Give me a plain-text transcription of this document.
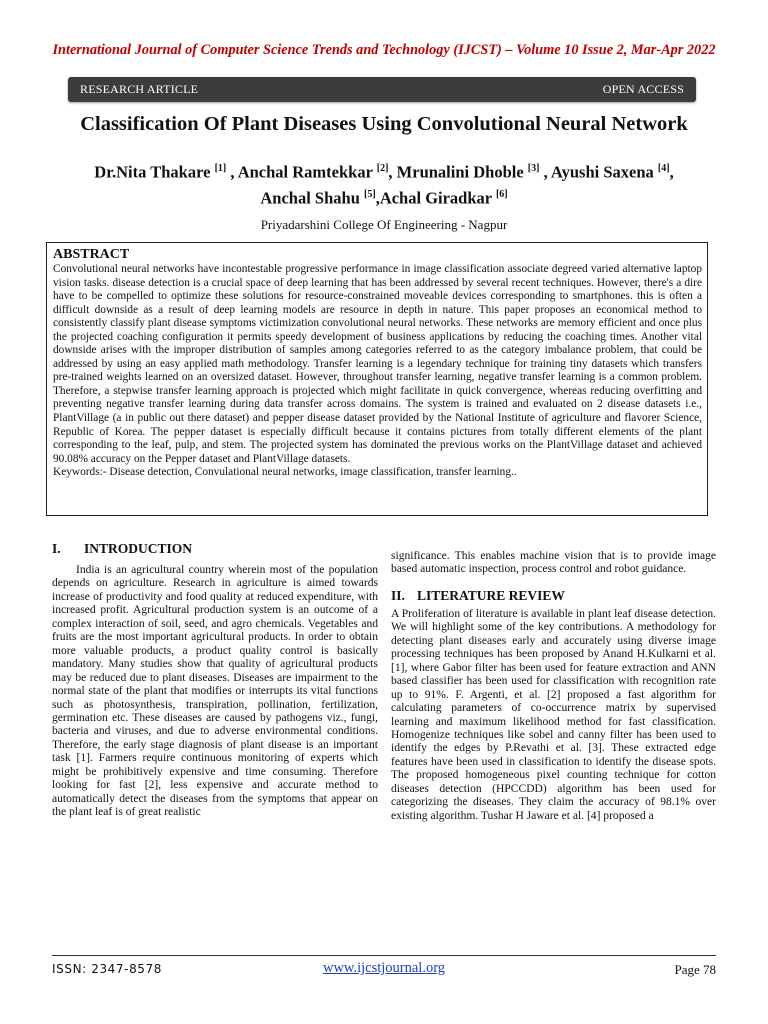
International Journal of Computer Science Trends and Technology (IJCST) – Volume 10 Issue 2, Mar-Apr 2022
RESEARCH ARTICLE	OPEN ACCESS
Classification Of Plant Diseases Using Convolutional Neural Network
Dr.Nita Thakare [1] , Anchal Ramtekkar [2], Mrunalini Dhoble [3] , Ayushi Saxena [4],
Anchal Shahu [5],Achal Giradkar [6]
Priyadarshini College Of Engineering - Nagpur
ABSTRACT

Convolutional neural networks have incontestable progressive performance in image classification associate degreed varied alternative laptop vision tasks. disease detection is a crucial space of deep learning that has been addressed by several recent techniques. However, there's a dire have to be compelled to optimize these solutions for resource-constrained moveable devices corresponding to smartphones. this is often a difficult downside as a result of deep learning models are resource in depth in nature. This paper proposes an economical method to consistently classify plant disease symptoms victimization convolutional neural networks. These networks are memory efficient and once plus the projected coaching configuration it permits speedy development of business applications by reducing the coaching times. Another vital downside arises with the improper distribution of samples among categories referred to as the category imbalance problem, that could be addressed by using an easy applied math methodology. Transfer learning is a legendary technique for training tiny datasets which transfers pre-trained weights learned on an oversized dataset. However, throughout transfer learning, negative transfer learning is a common problem. Therefore, a stepwise transfer learning approach is projected which might facilitate in quick convergence, whereas reducing overfitting and preventing negative transfer learning during data transfer across domains. The system is trained and evaluated on 2 disease datasets i.e., PlantVillage (a in public out there dataset) and pepper disease dataset provided by the National Institute of agriculture and flavorer Science, Republic of Korea. The pepper dataset is especially difficult because it contains pictures from totally different elements of the plant corresponding to the leaf, pulp, and stem. The projected system has dominated the previous works on the PlantVillage dataset and achieved 90.08% accuracy on the Pepper dataset and PlantVillage datasets.

Keywords:- Disease detection, Convulational neural networks, image classification, transfer learning..
I. INTRODUCTION

India is an agricultural country wherein most of the population depends on agriculture. Research in agriculture is aimed towards increase of productivity and food quality at reduced expenditure, with increased profit. Agricultural production system is an outcome of a complex interaction of soil, seed, and agro chemicals. Vegetables and fruits are the most important agricultural products. In order to obtain more valuable products, a product quality control is basically mandatory. Many studies show that quality of agricultural products may be reduced due to plant diseases. Diseases are impairment to the normal state of the plant that modifies or interrupts its vital functions such as photosynthesis, transpiration, pollination, fertilization, germination etc. These diseases are caused by pathogens viz., fungi, bacteria and viruses, and due to adverse environmental conditions. Therefore, the early stage diagnosis of plant disease is an important task [1]. Farmers require continuous monitoring of experts which might be prohibitively expensive and time consuming. Therefore looking for fast [2], less expensive and accurate method to automatically detect the diseases from the symptoms that appear on the plant leaf is of great realistic

significance. This enables machine vision that is to provide image based automatic inspection, process control and robot guidance.

II. LITERATURE REVIEW

A Proliferation of literature is available in plant leaf disease detection. We will highlight some of the key contributions. A methodology for detecting plant diseases early and accurately using diverse image processing techniques has been proposed by Anand H.Kulkarni et al. [1], where Gabor filter has been used for feature extraction and ANN based classifier has been used for classification with recognition rate up to 91%. F. Argenti, et al. [2] proposed a fast algorithm for calculating parameters of co-occurrence matrix by supervised learning and maximum likelihood method for fast classification. Homogenize techniques like sobel and canny filter has been used to identify the edges by P.Revathi et al. [3]. These extracted edge features have been used in classification to identify the disease spots. The proposed homogeneous pixel counting technique for cotton diseases detection (HPCCDD) algorithm has been used for categorizing the diseases. They claim the accuracy of 98.1% over existing algorithm. Tushar H Jaware et al. [4] proposed a

ISSN: 2347-8578	www.ijcstjournal.org	Page 78
